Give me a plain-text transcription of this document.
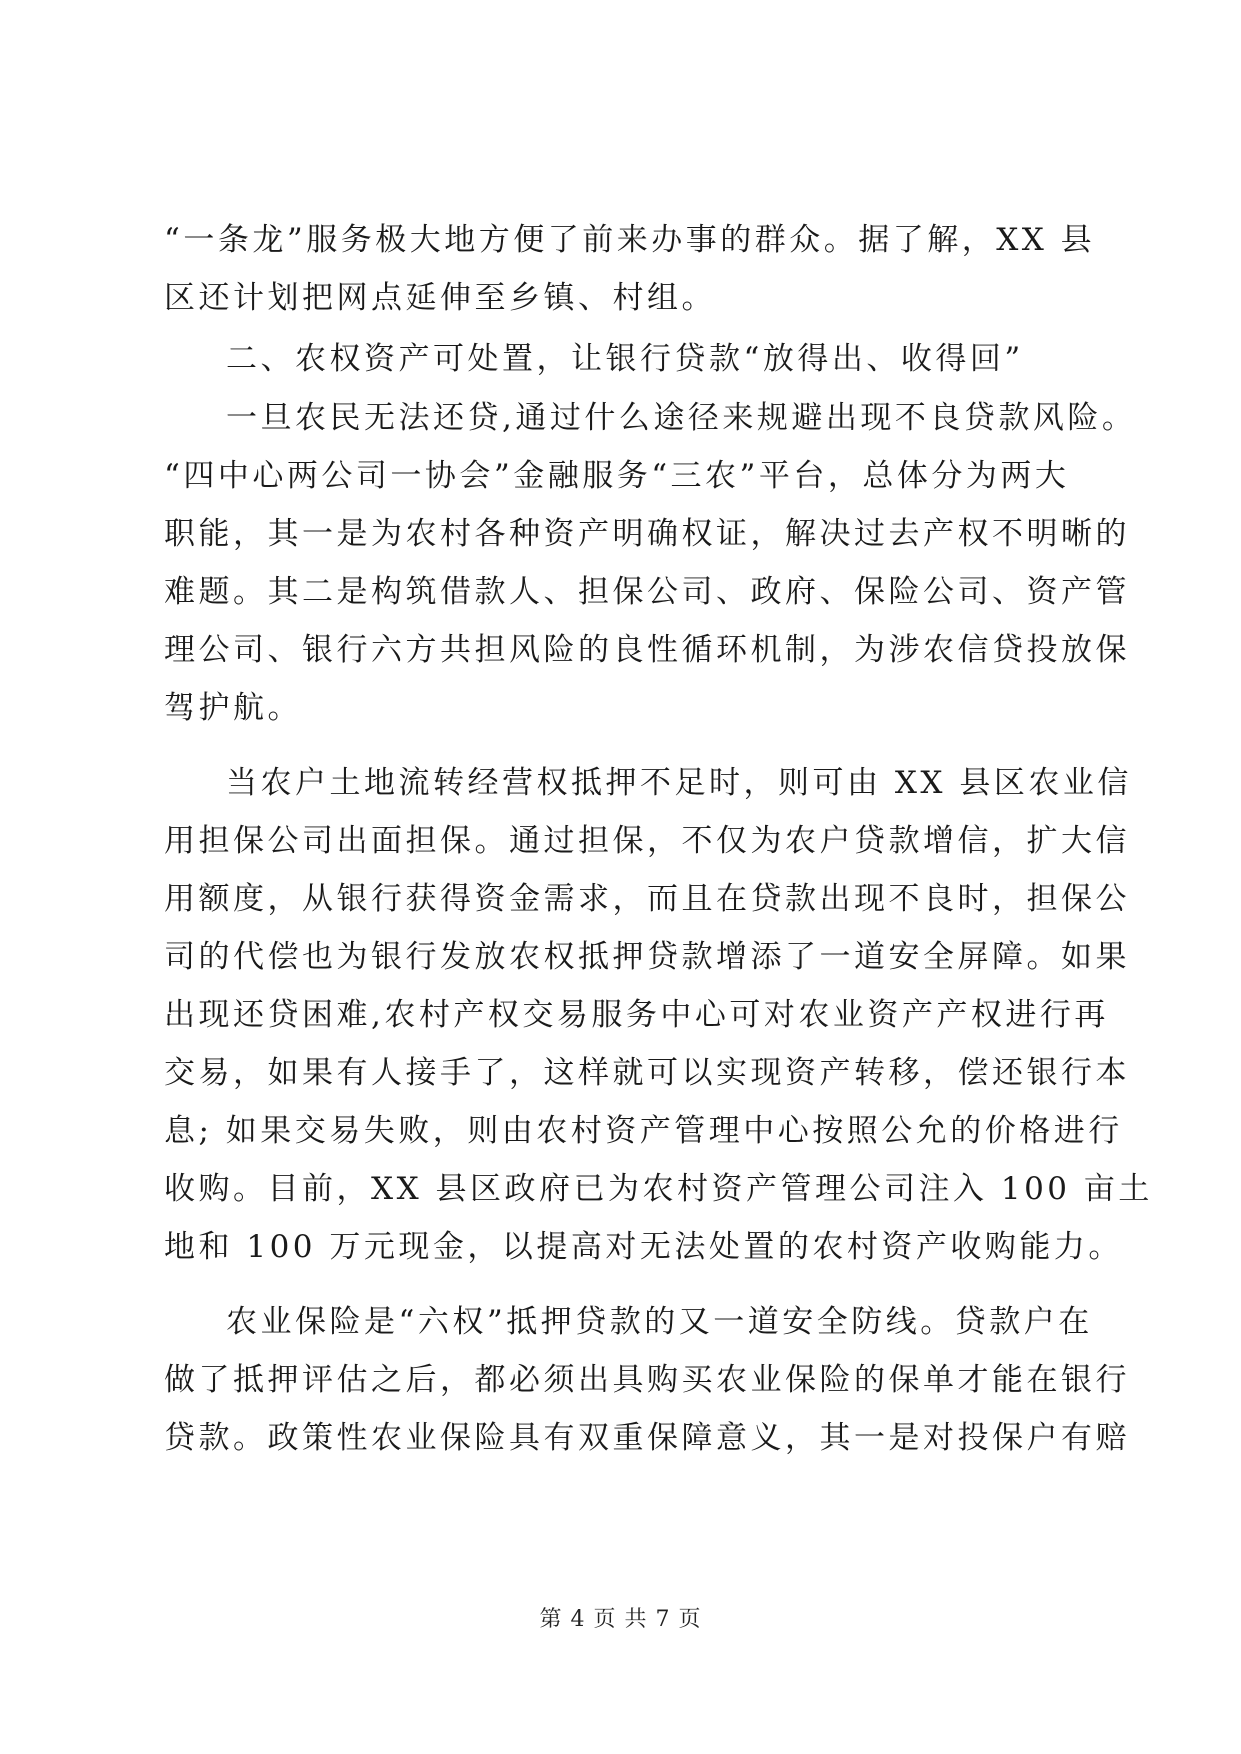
“一条龙”服务极大地方便了前来办事的群众。据了解，XX 县
区还计划把网点延伸至乡镇、村组。
二、农权资产可处置，让银行贷款“放得出、收得回”
一旦农民无法还贷,通过什么途径来规避出现不良贷款风险。
“四中心两公司一协会”金融服务“三农”平台，总体分为两大
职能，其一是为农村各种资产明确权证，解决过去产权不明晰的
难题。其二是构筑借款人、担保公司、政府、保险公司、资产管
理公司、银行六方共担风险的良性循环机制，为涉农信贷投放保
驾护航。
当农户土地流转经营权抵押不足时，则可由 XX 县区农业信
用担保公司出面担保。通过担保，不仅为农户贷款增信，扩大信
用额度，从银行获得资金需求，而且在贷款出现不良时，担保公
司的代偿也为银行发放农权抵押贷款增添了一道安全屏障。如果
出现还贷困难,农村产权交易服务中心可对农业资产产权进行再
交易，如果有人接手了，这样就可以实现资产转移，偿还银行本
息; 如果交易失败，则由农村资产管理中心按照公允的价格进行
收购。目前，XX 县区政府已为农村资产管理公司注入 100 亩土
地和 100 万元现金，以提高对无法处置的农村资产收购能力。
农业保险是“六权”抵押贷款的又一道安全防线。贷款户在
做了抵押评估之后，都必须出具购买农业保险的保单才能在银行
贷款。政策性农业保险具有双重保障意义，其一是对投保户有赔
第 4 页 共 7 页
